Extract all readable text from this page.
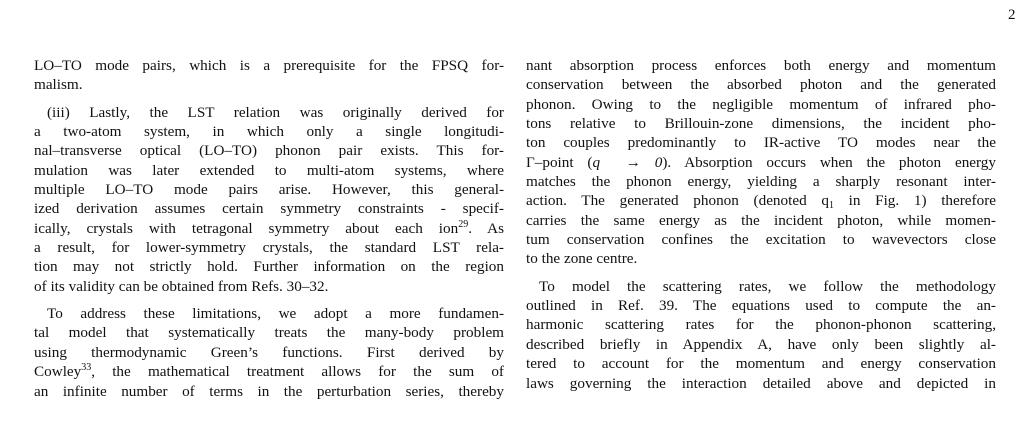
2
LO–TO mode pairs, which is a prerequisite for the FPSQ for-
malism.
(iii) Lastly, the LST relation was originally derived for
a two-atom system, in which only a single longitudi-
nal–transverse optical (LO–TO) phonon pair exists. This for-
mulation was later extended to multi-atom systems, where
multiple LO–TO mode pairs arise. However, this general-
ized derivation assumes certain symmetry constraints - specif-
ically, crystals with tetragonal symmetry about each ion$^{29}$. As
a result, for lower-symmetry crystals, the standard LST rela-
tion may not strictly hold. Further information on the region
of its validity can be obtained from Refs. 30–32.
To address these limitations, we adopt a more fundamen-
tal model that systematically treats the many-body problem
using thermodynamic Green’s functions. First derived by
Cowley$^{33}$, the mathematical treatment allows for the sum of
an infinite number of terms in the perturbation series, thereby
nant absorption process enforces both energy and momentum
conservation between the absorbed photon and the generated
phonon. Owing to the negligible momentum of infrared pho-
tons relative to Brillouin-zone dimensions, the incident pho-
ton couples predominantly to IR-active TO modes near the
Γ–point (q⃗ → 0). Absorption occurs when the photon energy
matches the phonon energy, yielding a sharply resonant inter-
action. The generated phonon (denoted $q_1$ in Fig. 1) therefore
carries the same energy as the incident photon, while momen-
tum conservation confines the excitation to wavevectors close
to the zone centre.
To model the scattering rates, we follow the methodology
outlined in Ref. 39. The equations used to compute the an-
harmonic scattering rates for the phonon-phonon scattering,
described briefly in Appendix A, have only been slightly al-
tered to account for the momentum and energy conservation
laws governing the interaction detailed above and depicted in
